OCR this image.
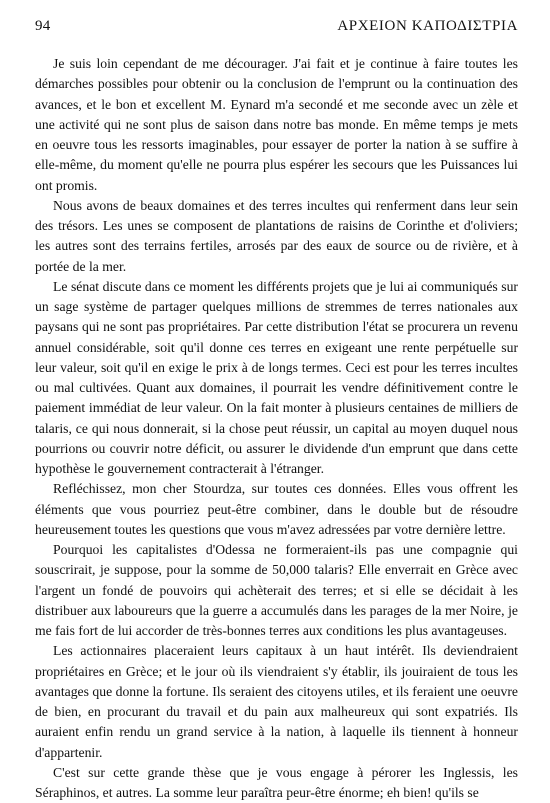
94	ΑΡΧΕΙΟΝ ΚΑΠΟΔΙΣΤΡΙΑ

Je suis loin cependant de me décourager. J'ai fait et je continue à faire toutes les démarches possibles pour obtenir ou la conclusion de l'emprunt ou la continuation des avances, et le bon et excellent M. Eynard m'a secondé et me seconde avec un zèle et une activité qui ne sont plus de saison dans notre bas monde. En même temps je mets en oeuvre tous les ressorts imaginables, pour essayer de porter la nation à se suffire à elle-même, du moment qu'elle ne pourra plus espérer les secours que les Puissances lui ont promis.

Nous avons de beaux domaines et des terres incultes qui renferment dans leur sein des trésors. Les unes se composent de plantations de raisins de Corinthe et d'oliviers; les autres sont des terrains fertiles, arrosés par des eaux de source ou de rivière, et à portée de la mer.

Le sénat discute dans ce moment les différents projets que je lui ai communiqués sur un sage système de partager quelques millions de stremmes de terres nationales aux paysans qui ne sont pas propriétaires. Par cette distribution l'état se procurera un revenu annuel considérable, soit qu'il donne ces terres en exigeant une rente perpétuelle sur leur valeur, soit qu'il en exige le prix à de longs termes. Ceci est pour les terres incultes ou mal cultivées. Quant aux domaines, il pourrait les vendre définitivement contre le paiement immédiat de leur valeur. On la fait monter à plusieurs centaines de milliers de talaris, ce qui nous donnerait, si la chose peut réussir, un capital au moyen duquel nous pourrions ou couvrir notre déficit, ou assurer le dividende d'un emprunt que dans cette hypothèse le gouvernement contracterait à l'étranger.

Refléchissez, mon cher Stourdza, sur toutes ces données. Elles vous offrent les éléments que vous pourriez peut-être combiner, dans le double but de résoudre heureusement toutes les questions que vous m'avez adressées par votre dernière lettre.

Pourquoi les capitalistes d'Odessa ne formeraient-ils pas une compagnie qui souscrirait, je suppose, pour la somme de 50,000 talaris? Elle enverrait en Grèce avec l'argent un fondé de pouvoirs qui achèterait des terres; et si elle se décidait à les distribuer aux laboureurs que la guerre a accumulés dans les parages de la mer Noire, je me fais fort de lui accorder de très-bonnes terres aux conditions les plus avantageuses.

Les actionnaires placeraient leurs capitaux à un haut intérêt. Ils deviendraient propriétaires en Grèce; et le jour où ils viendraient s'y établir, ils jouiraient de tous les avantages que donne la fortune. Ils seraient des citoyens utiles, et ils feraient une oeuvre de bien, en procurant du travail et du pain aux malheureux qui sont expatriés. Ils auraient enfin rendu un grand service à la nation, à laquelle ils tiennent à honneur d'appartenir.

C'est sur cette grande thèse que je vous engage à pérorer les Inglessis, les Séraphinos, et autres. La somme leur paraîtra peur-être énorme; eh bien! qu'ils se
